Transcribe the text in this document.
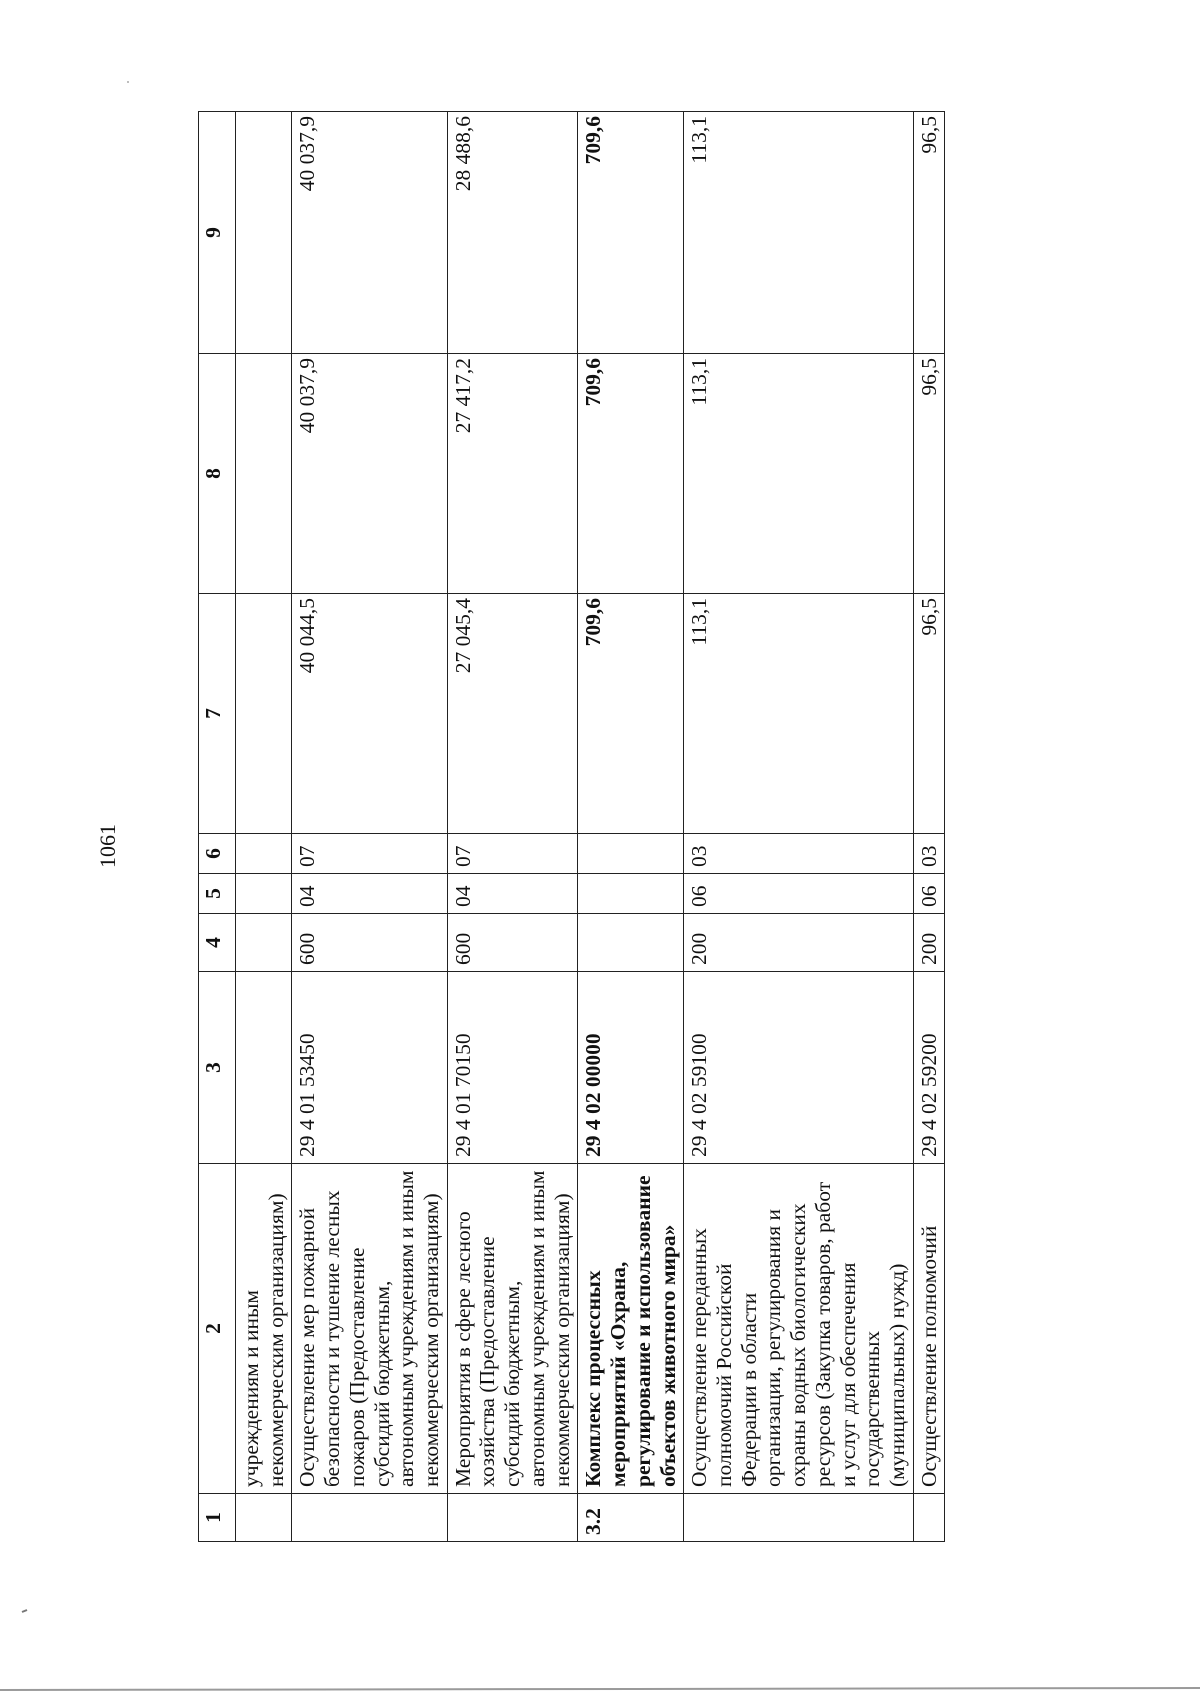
1061
1	2	3	4	5	6	7	8	9
	учреждениям и иным некоммерческим организациям)							
	Осуществление мер пожарной безопасности и тушение лесных пожаров (Предоставление субсидий бюджетным, автономным учреждениям и иным некоммерческим организациям)	29 4 01 53450	600	04	07	40 044,5	40 037,9	40 037,9
	Мероприятия в сфере лесного хозяйства (Предоставление субсидий бюджетным, автономным учреждениям и иным некоммерческим организациям)	29 4 01 70150	600	04	07	27 045,4	27 417,2	28 488,6
3.2	Комплекс процессных мероприятий «Охрана, регулирование и использование объектов животного мира»	29 4 02 00000				709,6	709,6	709,6
	Осуществление переданных полномочий Российской Федерации в области организации, регулирования и охраны водных биологических ресурсов (Закупка товаров, работ и услуг для обеспечения государственных (муниципальных) нужд)	29 4 02 59100	200	06	03	113,1	113,1	113,1
	Осуществление полномочий	29 4 02 59200	200	06	03	96,5	96,5	96,5
